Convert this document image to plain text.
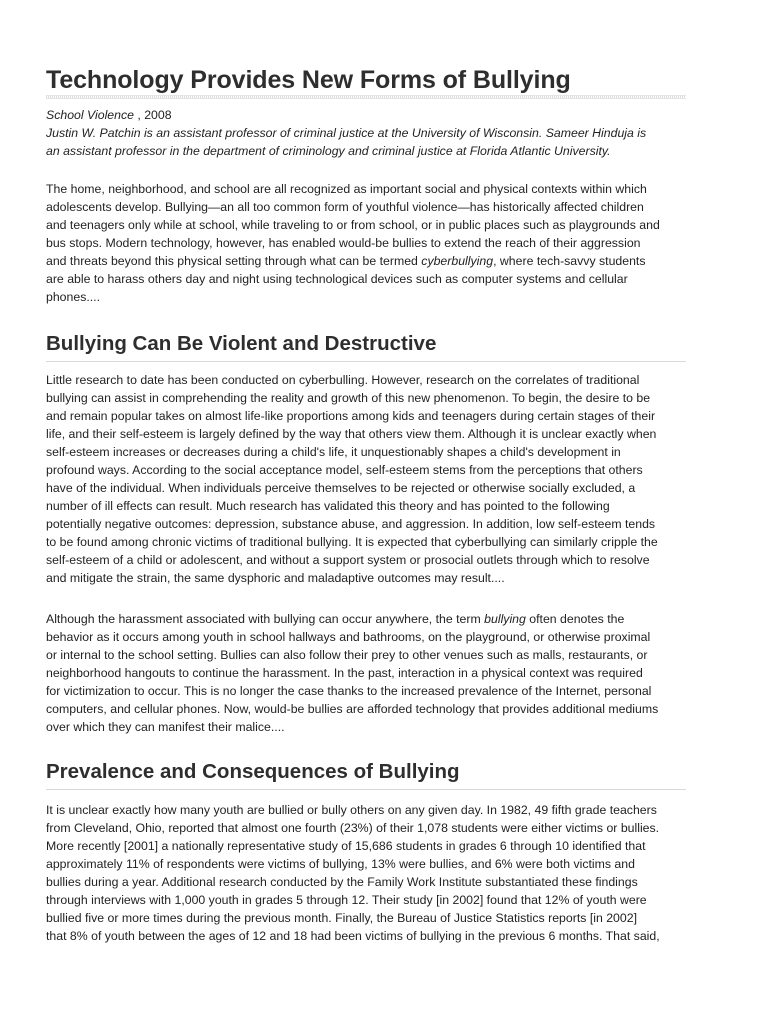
Technology Provides New Forms of Bullying
School Violence , 2008
Justin W. Patchin is an assistant professor of criminal justice at the University of Wisconsin. Sameer Hinduja is
an assistant professor in the department of criminology and criminal justice at Florida Atlantic University.

The home, neighborhood, and school are all recognized as important social and physical contexts within which
adolescents develop. Bullying—an all too common form of youthful violence—has historically affected children
and teenagers only while at school, while traveling to or from school, or in public places such as playgrounds and
bus stops. Modern technology, however, has enabled would-be bullies to extend the reach of their aggression
and threats beyond this physical setting through what can be termed cyberbullying, where tech-savvy students
are able to harass others day and night using technological devices such as computer systems and cellular
phones....

Bullying Can Be Violent and Destructive

Little research to date has been conducted on cyberbulling. However, research on the correlates of traditional
bullying can assist in comprehending the reality and growth of this new phenomenon. To begin, the desire to be
and remain popular takes on almost life-like proportions among kids and teenagers during certain stages of their
life, and their self-esteem is largely defined by the way that others view them. Although it is unclear exactly when
self-esteem increases or decreases during a child's life, it unquestionably shapes a child's development in
profound ways. According to the social acceptance model, self-esteem stems from the perceptions that others
have of the individual. When individuals perceive themselves to be rejected or otherwise socially excluded, a
number of ill effects can result. Much research has validated this theory and has pointed to the following
potentially negative outcomes: depression, substance abuse, and aggression. In addition, low self-esteem tends
to be found among chronic victims of traditional bullying. It is expected that cyberbullying can similarly cripple the
self-esteem of a child or adolescent, and without a support system or prosocial outlets through which to resolve
and mitigate the strain, the same dysphoric and maladaptive outcomes may result....

Although the harassment associated with bullying can occur anywhere, the term bullying often denotes the
behavior as it occurs among youth in school hallways and bathrooms, on the playground, or otherwise proximal
or internal to the school setting. Bullies can also follow their prey to other venues such as malls, restaurants, or
neighborhood hangouts to continue the harassment. In the past, interaction in a physical context was required
for victimization to occur. This is no longer the case thanks to the increased prevalence of the Internet, personal
computers, and cellular phones. Now, would-be bullies are afforded technology that provides additional mediums
over which they can manifest their malice....

Prevalence and Consequences of Bullying

It is unclear exactly how many youth are bullied or bully others on any given day. In 1982, 49 fifth grade teachers
from Cleveland, Ohio, reported that almost one fourth (23%) of their 1,078 students were either victims or bullies.
More recently [2001] a nationally representative study of 15,686 students in grades 6 through 10 identified that
approximately 11% of respondents were victims of bullying, 13% were bullies, and 6% were both victims and
bullies during a year. Additional research conducted by the Family Work Institute substantiated these findings
through interviews with 1,000 youth in grades 5 through 12. Their study [in 2002] found that 12% of youth were
bullied five or more times during the previous month. Finally, the Bureau of Justice Statistics reports [in 2002]
that 8% of youth between the ages of 12 and 18 had been victims of bullying in the previous 6 months. That said,
